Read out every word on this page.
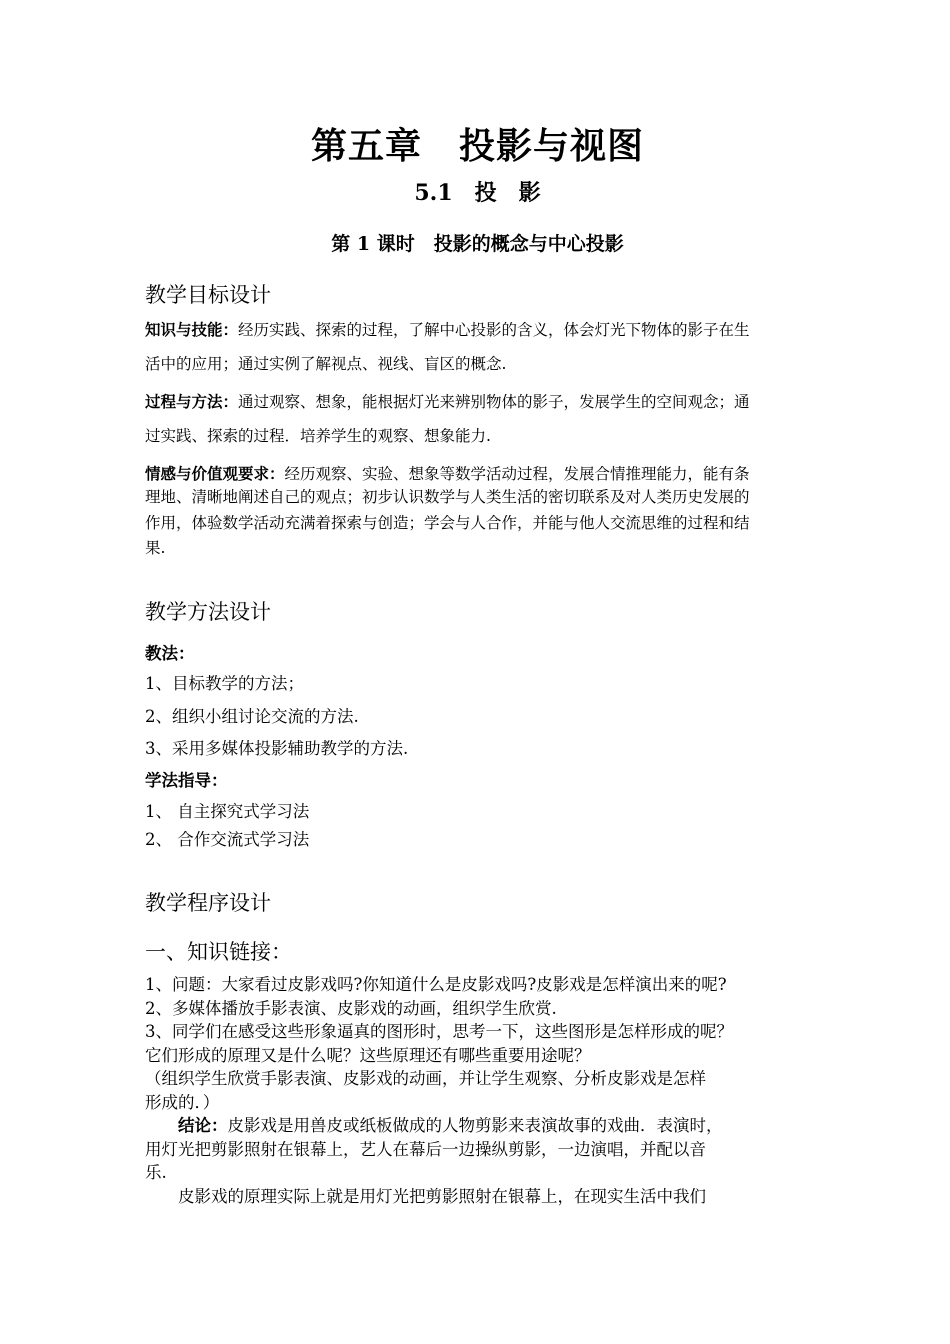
第五章　投影与视图
5.1　投　影
第 1 课时　投影的概念与中心投影
教学目标设计
知识与技能：经历实践、探索的过程，了解中心投影的含义，体会灯光下物体的影子在生
活中的应用；通过实例了解视点、视线、盲区的概念.
过程与方法：通过观察、想象，能根据灯光来辨别物体的影子，发展学生的空间观念；通
过实践、探索的过程．培养学生的观察、想象能力.
情感与价值观要求：经历观察、实验、想象等数学活动过程，发展合情推理能力，能有条
理地、清晰地阐述自己的观点；初步认识数学与人类生活的密切联系及对人类历史发展的
作用，体验数学活动充满着探索与创造；学会与人合作，并能与他人交流思维的过程和结
果.
教学方法设计
教法：
1、目标教学的方法；
2、组织小组讨论交流的方法.
3、采用多媒体投影辅助教学的方法.
学法指导：
1、 自主探究式学习法
2、 合作交流式学习法
教学程序设计
一、知识链接：
1、问题：大家看过皮影戏吗?你知道什么是皮影戏吗?皮影戏是怎样演出来的呢?
2、多媒体播放手影表演、皮影戏的动画，组织学生欣赏.
3、同学们在感受这些形象逼真的图形时，思考一下，这些图形是怎样形成的呢？
它们形成的原理又是什么呢？这些原理还有哪些重要用途呢？
（组织学生欣赏手影表演、皮影戏的动画，并让学生观察、分析皮影戏是怎样
形成的．）
结论：皮影戏是用兽皮或纸板做成的人物剪影来表演故事的戏曲．表演时，
用灯光把剪影照射在银幕上，艺人在幕后一边操纵剪影，一边演唱，并配以音
乐.
皮影戏的原理实际上就是用灯光把剪影照射在银幕上，在现实生活中我们
